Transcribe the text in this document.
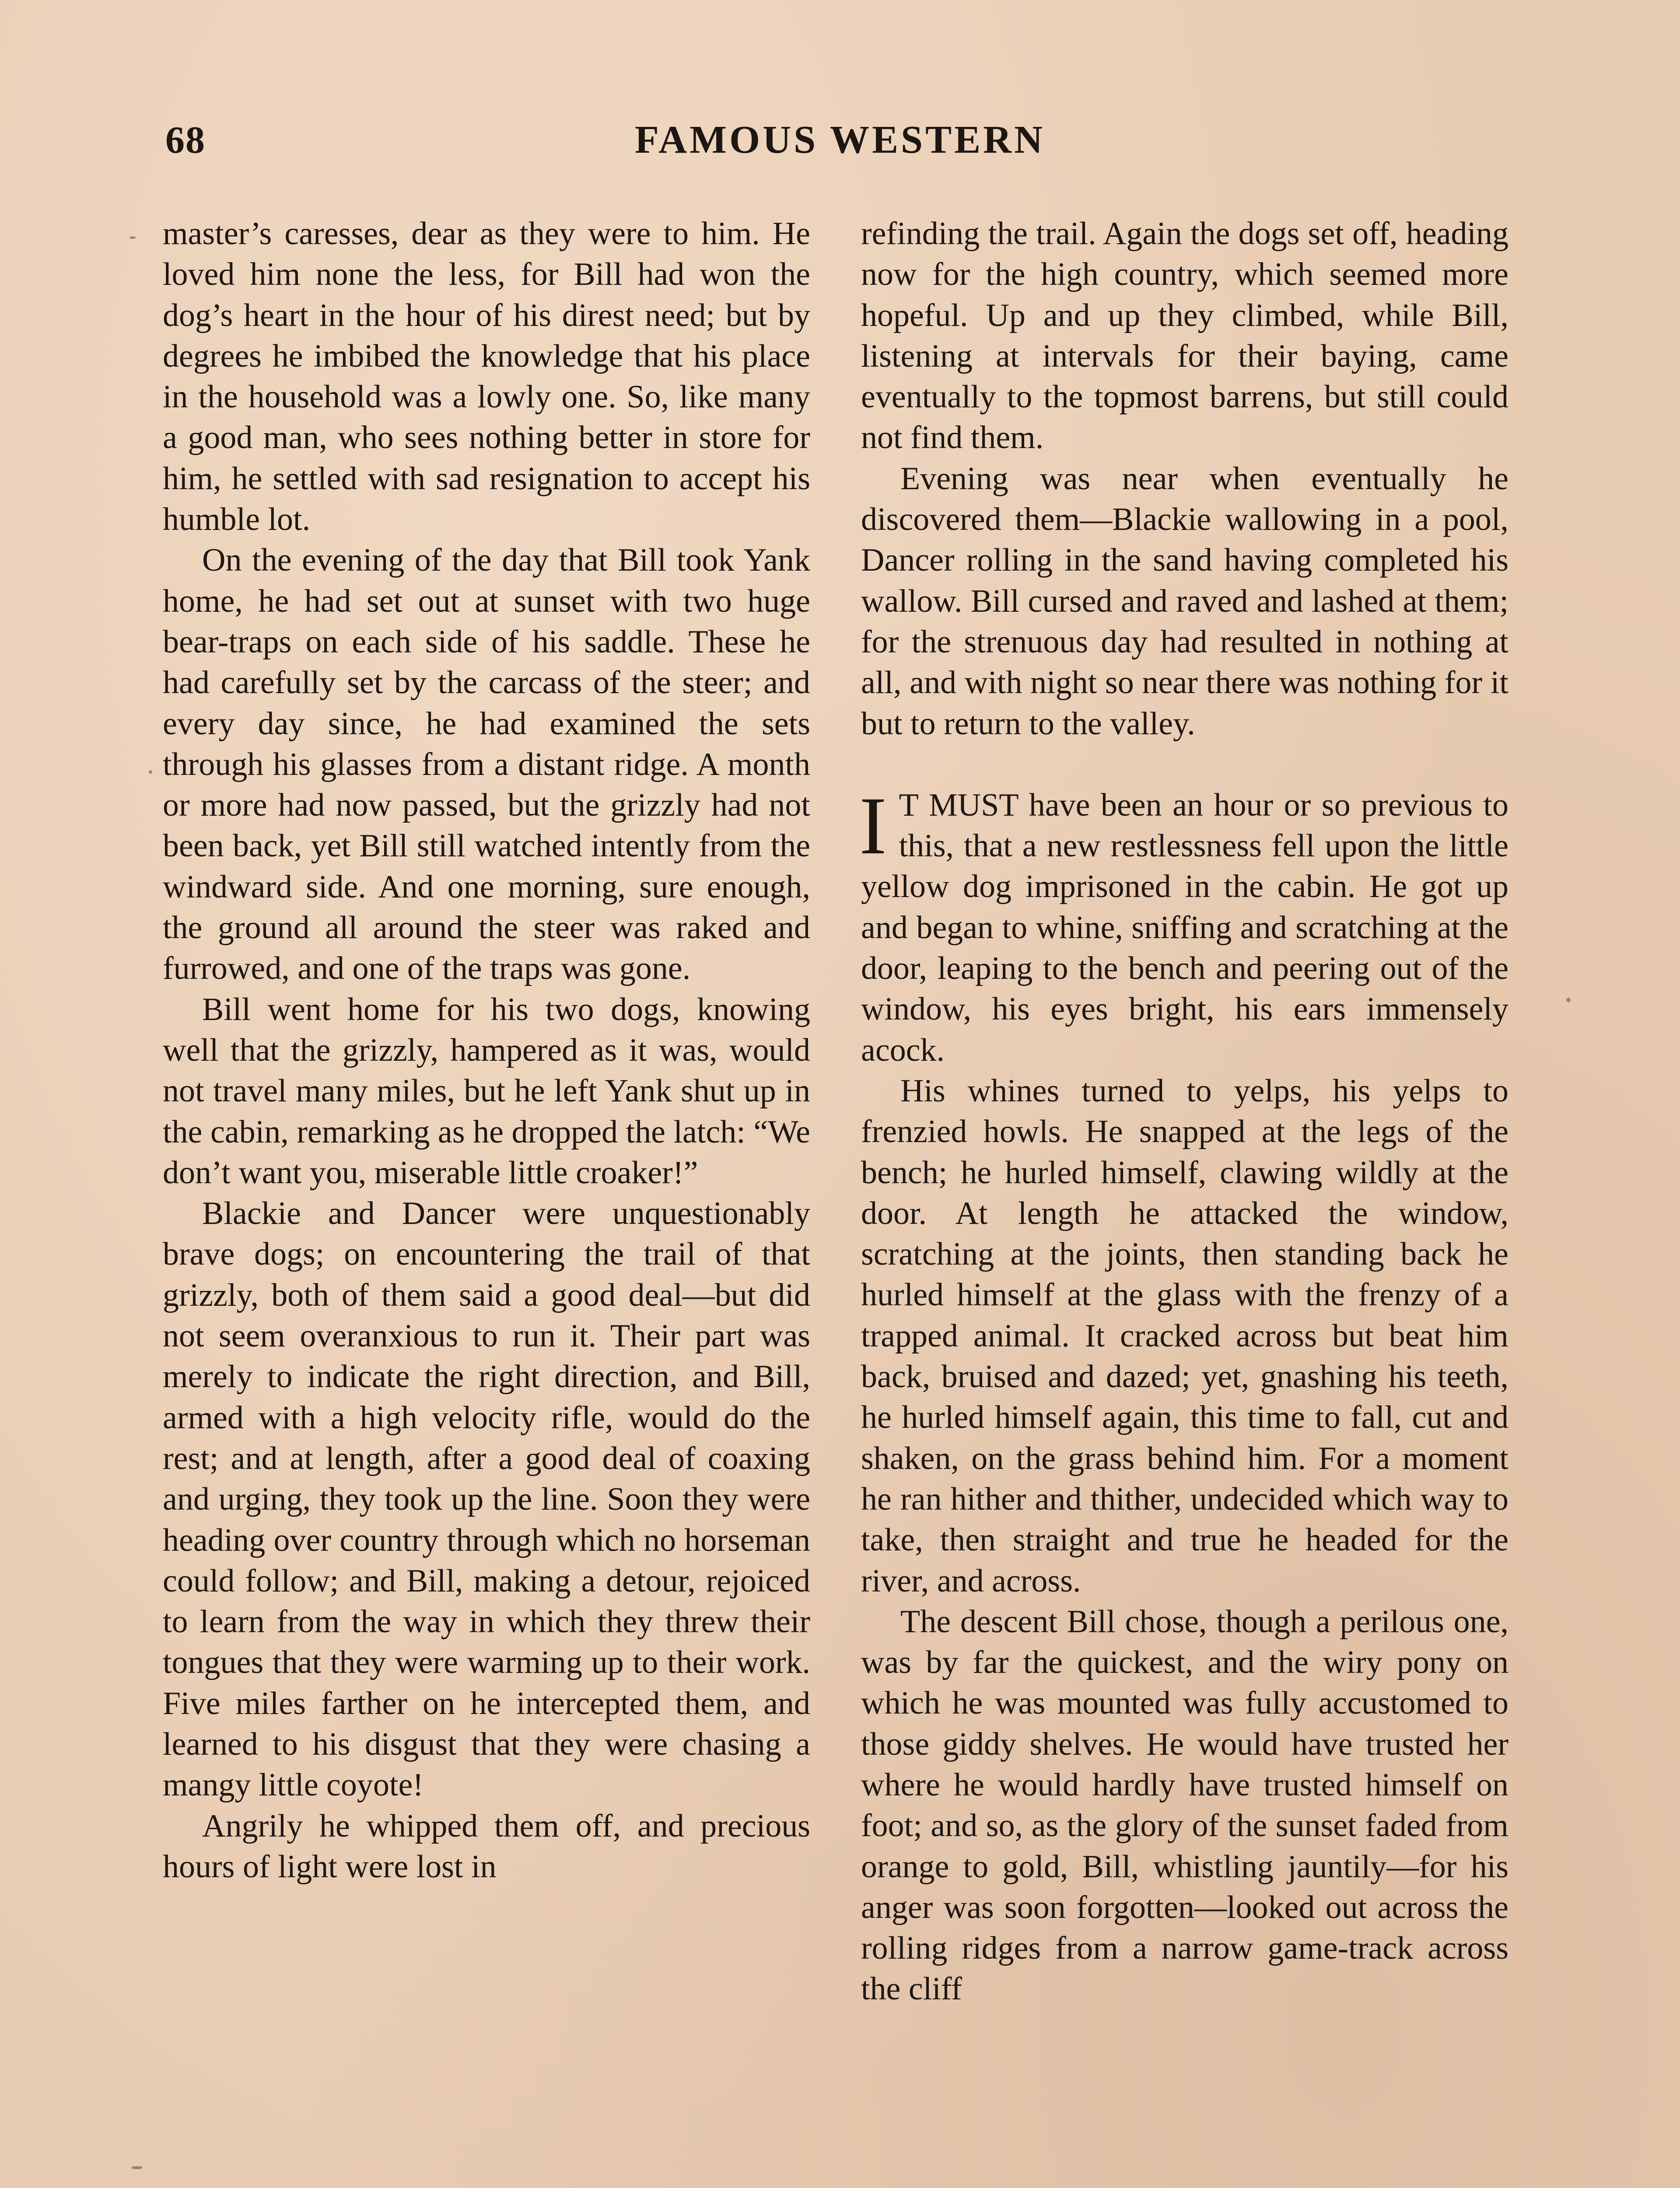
68	FAMOUS WESTERN

master’s caresses, dear as they were to him. He loved him none the less, for Bill had won the dog’s heart in the hour of his direst need; but by degrees he imbibed the knowledge that his place in the household was a lowly one. So, like many a good man, who sees nothing better in store for him, he settled with sad resignation to accept his humble lot.

On the evening of the day that Bill took Yank home, he had set out at sunset with two huge bear-traps on each side of his saddle. These he had carefully set by the carcass of the steer; and every day since, he had examined the sets through his glasses from a distant ridge. A month or more had now passed, but the grizzly had not been back, yet Bill still watched intently from the windward side. And one morning, sure enough, the ground all around the steer was raked and furrowed, and one of the traps was gone.

Bill went home for his two dogs, knowing well that the grizzly, hampered as it was, would not travel many miles, but he left Yank shut up in the cabin, remarking as he dropped the latch: “We don’t want you, miserable little croaker!”

Blackie and Dancer were unquestionably brave dogs; on encountering the trail of that grizzly, both of them said a good deal—but did not seem overanxious to run it. Their part was merely to indicate the right direction, and Bill, armed with a high velocity rifle, would do the rest; and at length, after a good deal of coaxing and urging, they took up the line. Soon they were heading over country through which no horseman could follow; and Bill, making a detour, rejoiced to learn from the way in which they threw their tongues that they were warming up to their work. Five miles farther on he intercepted them, and learned to his disgust that they were chasing a mangy little coyote!

Angrily he whipped them off, and precious hours of light were lost in

refinding the trail. Again the dogs set off, heading now for the high country, which seemed more hopeful. Up and up they climbed, while Bill, listening at intervals for their baying, came eventually to the topmost barrens, but still could not find them.

Evening was near when eventually he discovered them—Blackie wallowing in a pool, Dancer rolling in the sand having completed his wallow. Bill cursed and raved and lashed at them; for the strenuous day had resulted in nothing at all, and with night so near there was nothing for it but to return to the valley.

I T MUST have been an hour or so previous to this, that a new restlessness fell upon the little yellow dog imprisoned in the cabin. He got up and began to whine, sniffing and scratching at the door, leaping to the bench and peering out of the window, his eyes bright, his ears immensely acock.

His whines turned to yelps, his yelps to frenzied howls. He snapped at the legs of the bench; he hurled himself, clawing wildly at the door. At length he attacked the window, scratching at the joints, then standing back he hurled himself at the glass with the frenzy of a trapped animal. It cracked across but beat him back, bruised and dazed; yet, gnashing his teeth, he hurled himself again, this time to fall, cut and shaken, on the grass behind him. For a moment he ran hither and thither, undecided which way to take, then straight and true he headed for the river, and across.

The descent Bill chose, though a perilous one, was by far the quickest, and the wiry pony on which he was mounted was fully accustomed to those giddy shelves. He would have trusted her where he would hardly have trusted himself on foot; and so, as the glory of the sunset faded from orange to gold, Bill, whistling jauntily—for his anger was soon forgotten—looked out across the rolling ridges from a narrow game-track across the cliff
